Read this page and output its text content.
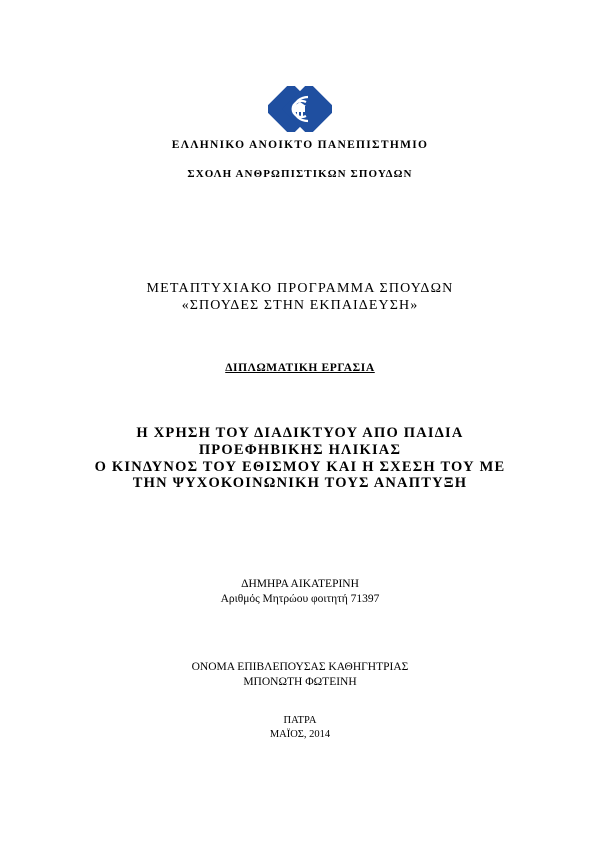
ΕΛΛΗΝΙΚΟ ΑΝΟΙΚΤΟ ΠΑΝΕΠΙΣΤΗΜΙΟ

ΣΧΟΛΗ ΑΝΘΡΩΠΙΣΤΙΚΩΝ ΣΠΟΥΔΩΝ

ΜΕΤΑΠΤΥΧΙΑΚΟ ΠΡΟΓΡΑΜΜΑ ΣΠΟΥΔΩΝ

«ΣΠΟΥΔΕΣ ΣΤΗΝ ΕΚΠΑΙΔΕΥΣΗ»

ΔΙΠΛΩΜΑΤΙΚΗ ΕΡΓΑΣΙΑ

Η ΧΡΗΣΗ ΤΟΥ ΔΙΑΔΙΚΤΥΟΥ ΑΠΟ ΠΑΙΔΙΑ

ΠΡΟΕΦΗΒΙΚΗΣ ΗΛΙΚΙΑΣ

Ο ΚΙΝΔΥΝΟΣ ΤΟΥ ΕΘΙΣΜΟΥ ΚΑΙ Η ΣΧΕΣΗ ΤΟΥ ΜΕ

ΤΗΝ ΨΥΧΟΚΟΙΝΩΝΙΚΗ ΤΟΥΣ ΑΝΑΠΤΥΞΗ

ΔΗΜΗΡΑ ΑΙΚΑΤΕΡΙΝΗ

Αριθμός Μητρώου φοιτητή 71397

ΟΝΟΜΑ ΕΠΙΒΛΕΠΟΥΣΑΣ ΚΑΘΗΓΗΤΡΙΑΣ

ΜΠΟΝΩΤΗ ΦΩΤΕΙΝΗ

ΠΑΤΡΑ

ΜΑΪΟΣ, 2014
